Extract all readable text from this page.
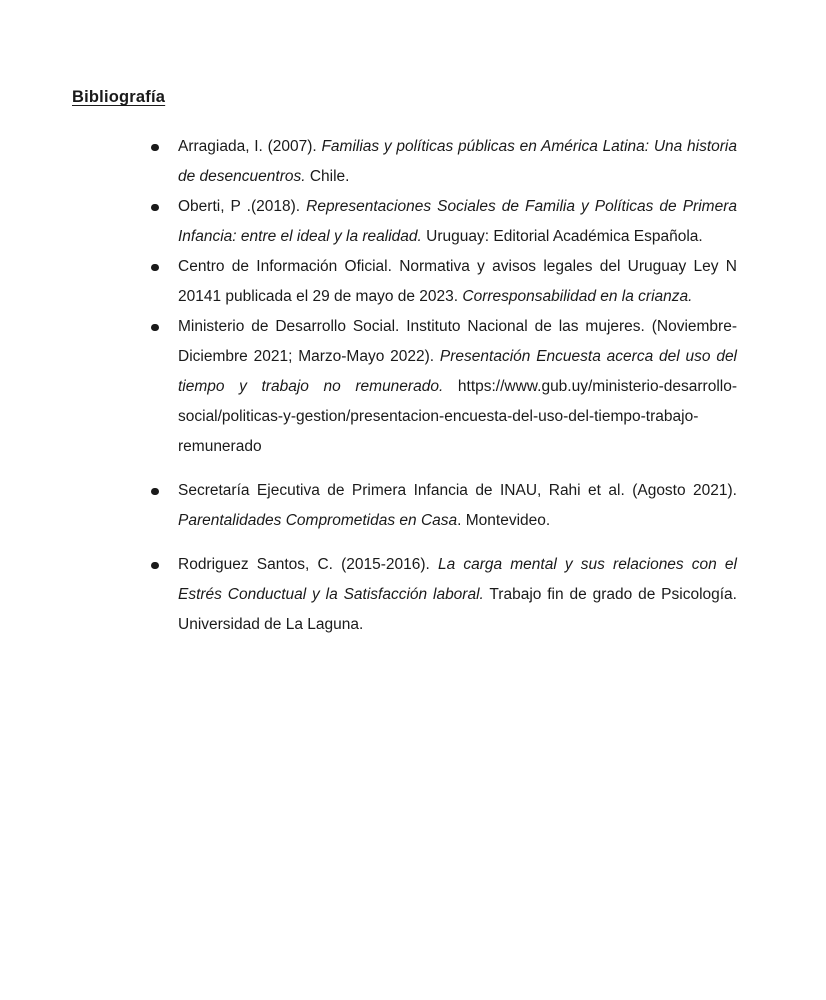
Bibliografía
Arragiada, I. (2007). Familias y políticas públicas en América Latina: Una historia de desencuentros. Chile.
Oberti, P .(2018). Representaciones Sociales de Familia y Políticas de Primera Infancia: entre el ideal y la realidad. Uruguay: Editorial Académica Española.
Centro de Información Oficial. Normativa y avisos legales del Uruguay Ley N 20141 publicada el 29 de mayo de 2023. Corresponsabilidad en la crianza.
Ministerio de Desarrollo Social. Instituto Nacional de las mujeres. (Noviembre-Diciembre 2021; Marzo-Mayo 2022). Presentación Encuesta acerca del uso del tiempo y trabajo no remunerado. https://www.gub.uy/ministerio-desarrollo-social/politicas-y-gestion/presentacion-encuesta-del-uso-del-tiempo-trabajo-remunerado
Secretaría Ejecutiva de Primera Infancia de INAU, Rahi et al. (Agosto 2021). Parentalidades Comprometidas en Casa. Montevideo.
Rodriguez Santos, C. (2015-2016). La carga mental y sus relaciones con el Estrés Conductual y la Satisfacción laboral. Trabajo fin de grado de Psicología. Universidad de La Laguna.
